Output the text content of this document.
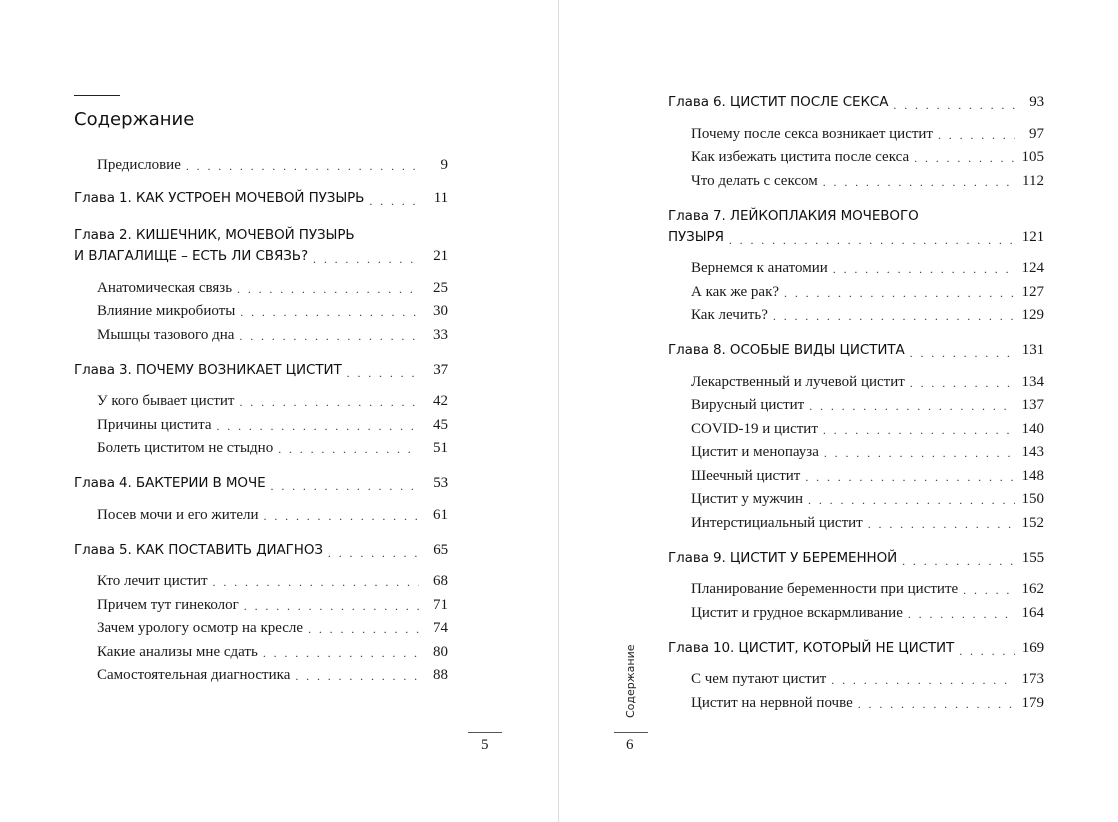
Содержание
5	6
Содержание
Предисловие . . .	9
Глава 1. КАК УСТРОЕН МОЧЕВОЙ ПУЗЫРЬ . . .	11
Глава 2. КИШЕЧНИК, МОЧЕВОЙ ПУЗЫРЬ
И ВЛАГАЛИЩЕ – ЕСТЬ ЛИ СВЯЗЬ? . . .	21
Анатомическая связь . . .	25
Влияние микробиоты . . .	30
Мышцы тазового дна . . .	33
Глава 3. ПОЧЕМУ ВОЗНИКАЕТ ЦИСТИТ . . .	37
У кого бывает цистит . . .	42
Причины цистита . . .	45
Болеть циститом не стыдно . . .	51
Глава 4. БАКТЕРИИ В МОЧЕ . . .	53
Посев мочи и его жители . . .	61
Глава 5. КАК ПОСТАВИТЬ ДИАГНОЗ . . .	65
Кто лечит цистит . . .	68
Причем тут гинеколог . . .	71
Зачем урологу осмотр на кресле . . .	74
Какие анализы мне сдать . . .	80
Самостоятельная диагностика . . .	88
Глава 6. ЦИСТИТ ПОСЛЕ СЕКСА . . .	93
Почему после секса возникает цистит . . .	97
Как избежать цистита после секса . . .	105
Что делать с сексом . . .	112
Глава 7. ЛЕЙКОПЛАКИЯ МОЧЕВОГО
ПУЗЫРЯ . . .	121
Вернемся к анатомии . . .	124
А как же рак? . . .	127
Как лечить? . . .	129
Глава 8. ОСОБЫЕ ВИДЫ ЦИСТИТА . . .	131
Лекарственный и лучевой цистит . . .	134
Вирусный цистит . . .	137
COVID-19 и цистит . . .	140
Цистит и менопауза . . .	143
Шеечный цистит . . .	148
Цистит у мужчин . . .	150
Интерстициальный цистит . . .	152
Глава 9. ЦИСТИТ У БЕРЕМЕННОЙ . . .	155
Планирование беременности при цистите . . .	162
Цистит и грудное вскармливание . . .	164
Глава 10. ЦИСТИТ, КОТОРЫЙ НЕ ЦИСТИТ . . .	169
С чем путают цистит . . .	173
Цистит на нервной почве . . .	179
